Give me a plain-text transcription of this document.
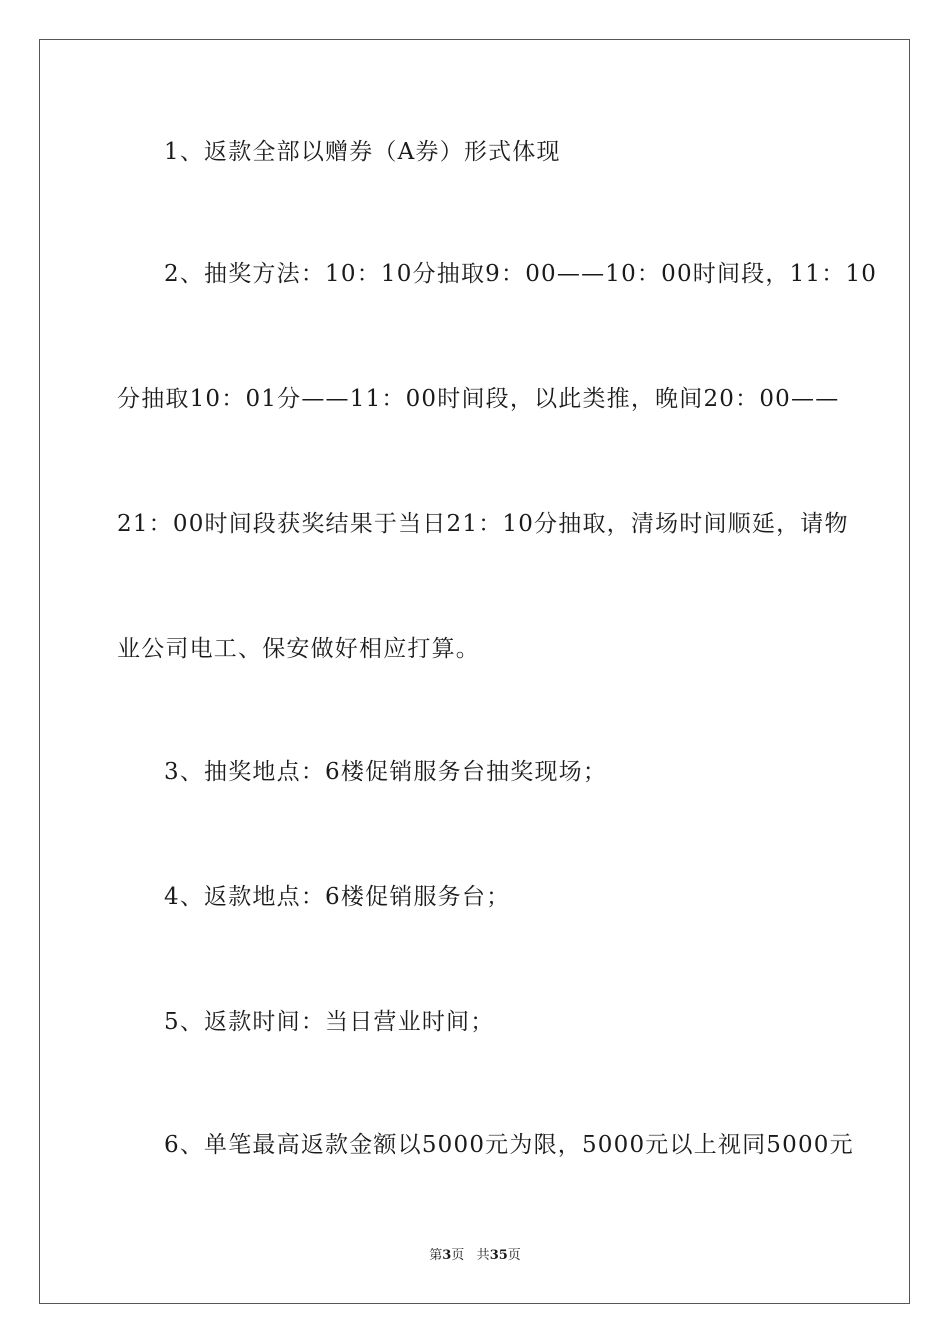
1、返款全部以赠券（A券）形式体现
2、抽奖方法：10：10分抽取9：00——10：00时间段，11：10
分抽取10：01分——11：00时间段，以此类推，晚间20：00——
21：00时间段获奖结果于当日21：10分抽取，清场时间顺延，请物
业公司电工、保安做好相应打算。
3、抽奖地点：6楼促销服务台抽奖现场；
4、返款地点：6楼促销服务台；
5、返款时间：当日营业时间；
6、单笔最高返款金额以5000元为限，5000元以上视同5000元
第3页 共35页
